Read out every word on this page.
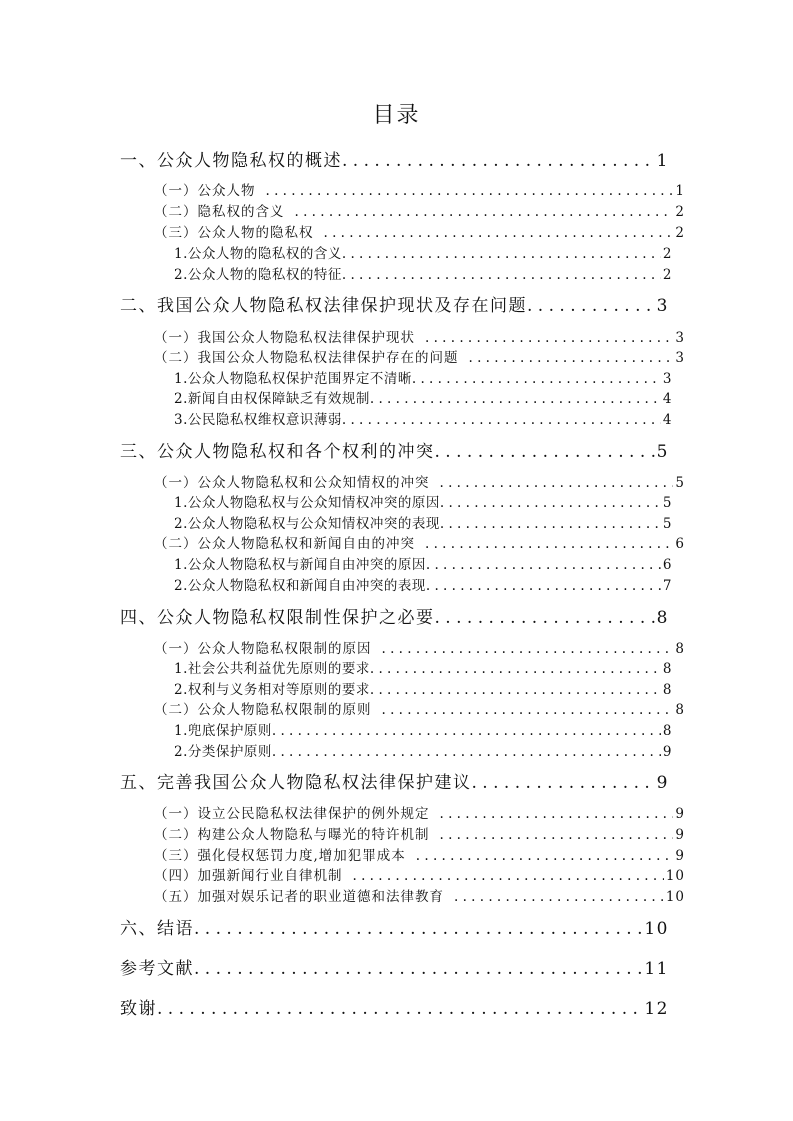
目录
一、公众人物隐私权的概述 . . .	1
（一）公众人物 . . .	1
（二）隐私权的含义 . . .	2
（三）公众人物的隐私权 . . .	2
1.公众人物的隐私权的含义 . . .	2
2.公众人物的隐私权的特征 . . .	2
二、我国公众人物隐私权法律保护现状及存在问题 . . .	3
（一）我国公众人物隐私权法律保护现状 . . .	3
（二）我国公众人物隐私权法律保护存在的问题 . . .	3
1.公众人物隐私权保护范围界定不清晰 . . .	3
2.新闻自由权保障缺乏有效规制 . . .	4
3.公民隐私权维权意识薄弱 . . .	4
三、公众人物隐私权和各个权利的冲突 . . .	5
（一）公众人物隐私权和公众知情权的冲突 . . .	5
1.公众人物隐私权与公众知情权冲突的原因 . . .	5
2.公众人物隐私权与公众知情权冲突的表现 . . .	5
（二）公众人物隐私权和新闻自由的冲突 . . .	6
1.公众人物隐私权与新闻自由冲突的原因 . . .	6
2.公众人物隐私权和新闻自由冲突的表现 . . .	7
四、公众人物隐私权限制性保护之必要 . . .	8
（一）公众人物隐私权限制的原因 . . .	8
1.社会公共利益优先原则的要求 . . .	8
2.权利与义务相对等原则的要求 . . .	8
（二）公众人物隐私权限制的原则 . . .	8
1.兜底保护原则 . . .	8
2.分类保护原则 . . .	9
五、完善我国公众人物隐私权法律保护建议 . . .	9
（一）设立公民隐私权法律保护的例外规定 . . .	9
（二）构建公众人物隐私与曝光的特许机制 . . .	9
（三）强化侵权惩罚力度,增加犯罪成本 . . .	9
（四）加强新闻行业自律机制 . . .	10
（五）加强对娱乐记者的职业道德和法律教育 . . .	10
六、结语 . . .	10
参考文献 . . .	11
致谢 . . .	12
